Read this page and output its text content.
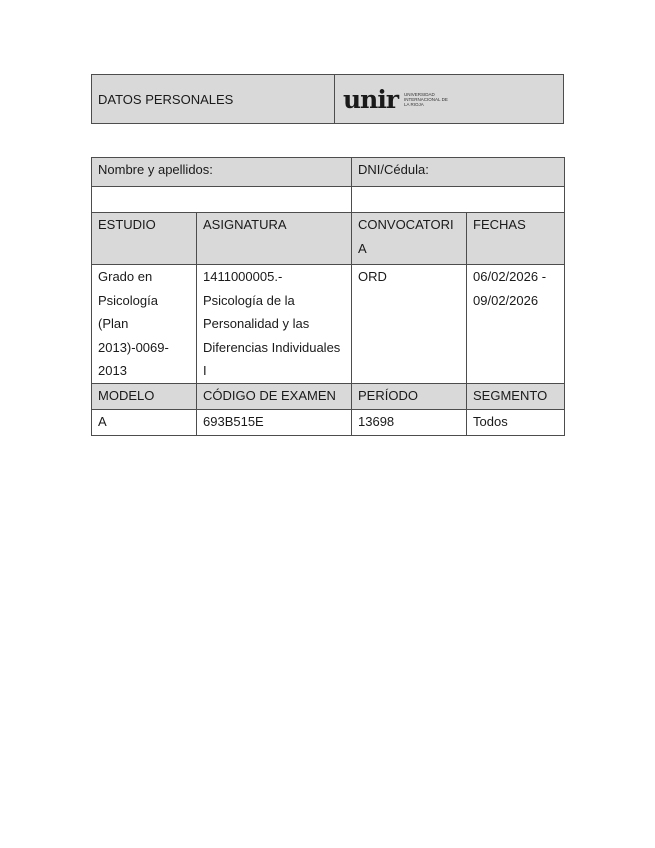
DATOS PERSONALES	unir UNIVERSIDAD INTERNACIONAL DE LA RIOJA
Nombre y apellidos:		DNI/Cédula:	

ESTUDIO	ASIGNATURA	CONVOCATORIA	FECHAS
Grado en Psicología (Plan 2013)-0069-2013	1411000005.- Psicología de la Personalidad y las Diferencias Individuales I	ORD	06/02/2026 - 09/02/2026
MODELO	CÓDIGO DE EXAMEN	PERÍODO	SEGMENTO
A	693B515E	13698	Todos
